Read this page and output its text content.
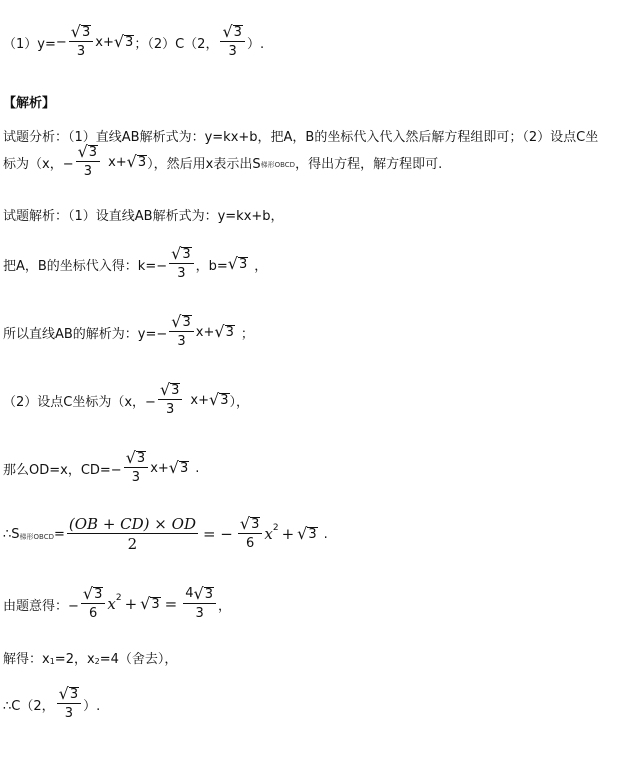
$(1)y= - \frac{√ 3}{3} x+$ √ 3 ；（2）C（2， $\frac{√ 3}{3}$ ）.
【解析】
试题分析：（1）直线AB解析式为：y=kx+b，把A，B的坐标代入代入然后解方程组即可；（2）设点C坐
标为（x，− $\frac{√ 3}{3} x+$ √ 3 ），然后用x表示出S 梯形OBCD ，得出方程，解方程即可.
试题解析：（1）设直线AB解析式为：y=kx+b，
把A，B的坐标代入得：$k=- \frac{√ 3}{3}$ ，b= √ 3 ，
所以直线AB的解析为：$y=- \frac{√ 3}{3} x+$ √ 3 ；
（2）设点C坐标为（x，− $\frac{√ 3}{3} x+$ √ 3 ），
那么OD=x，$CD=- \frac{√ 3}{3} x+$ √ 3 .
∴S 梯形OBCD = $\frac{(OB + CD) \times OD}{2}$ = − $\frac{√ 3}{6}$ x 2 + √ 3 .
由题意得：− $\frac{√ 3}{6}$ x 2 + √ $3 = \frac{4 √ 3}{3}$ ，
解得：x 1 =2，x 2 =4（舍去），
∴C（2， $\frac{√ 3}{3}$ ）.
